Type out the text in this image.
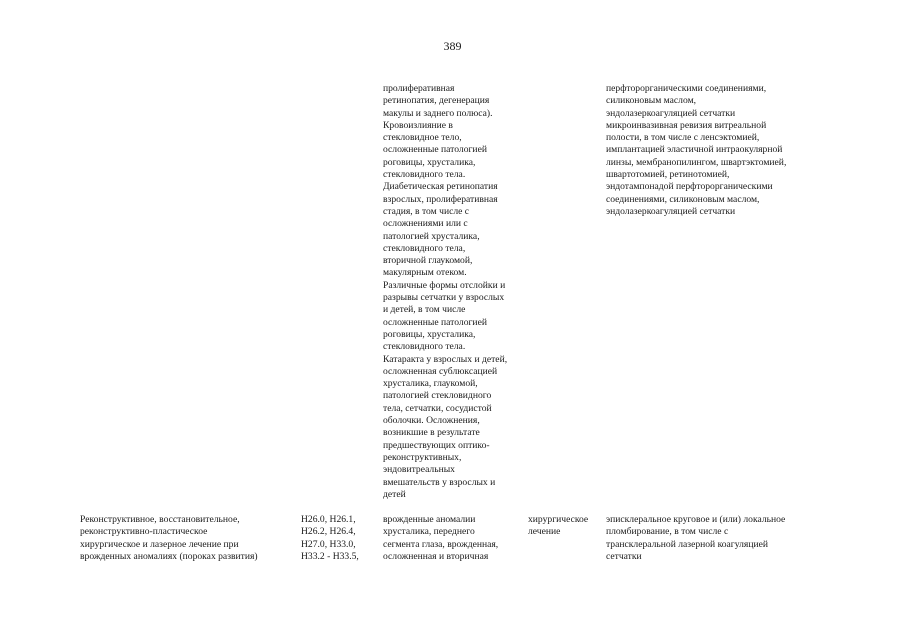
389
пролиферативная
ретинопатия, дегенерация
макулы и заднего полюса).
Кровоизлияние в
стекловидное тело,
осложненные патологией
роговицы, хрусталика,
стекловидного тела.
Диабетическая ретинопатия
взрослых, пролиферативная
стадия, в том числе с
осложнениями или с
патологией хрусталика,
стекловидного тела,
вторичной глаукомой,
макулярным отеком.
Различные формы отслойки и
разрывы сетчатки у взрослых
и детей, в том числе
осложненные патологией
роговицы, хрусталика,
стекловидного тела.
Катаракта у взрослых и детей,
осложненная сублюксацией
хрусталика, глаукомой,
патологией стекловидного
тела, сетчатки, сосудистой
оболочки. Осложнения,
возникшие в результате
предшествующих оптико-
реконструктивных,
эндовитреальных
вмешательств у взрослых и
детей
перфторорганическими соединениями,
силиконовым маслом,
эндолазеркоагуляцией сетчатки
микроинвазивная ревизия витреальной
полости, в том числе с ленсэктомией,
имплантацией эластичной интраокулярной
линзы, мембранопилингом, швартэктомией,
швартотомией, ретинотомией,
эндотампонадой перфторорганическими
соединениями, силиконовым маслом,
эндолазеркоагуляцией сетчатки
Реконструктивное, восстановительное,
реконструктивно-пластическое
хирургическое и лазерное лечение при
врожденных аномалиях (пороках развития)
H26.0, H26.1,
H26.2, H26.4,
H27.0, H33.0,
H33.2 - H33.5,
врожденные аномалии
хрусталика, переднего
сегмента глаза, врожденная,
осложненная и вторичная
хирургическое
лечение
эписклеральное круговое и (или) локальное
пломбирование, в том числе с
трансклеральной лазерной коагуляцией
сетчатки
